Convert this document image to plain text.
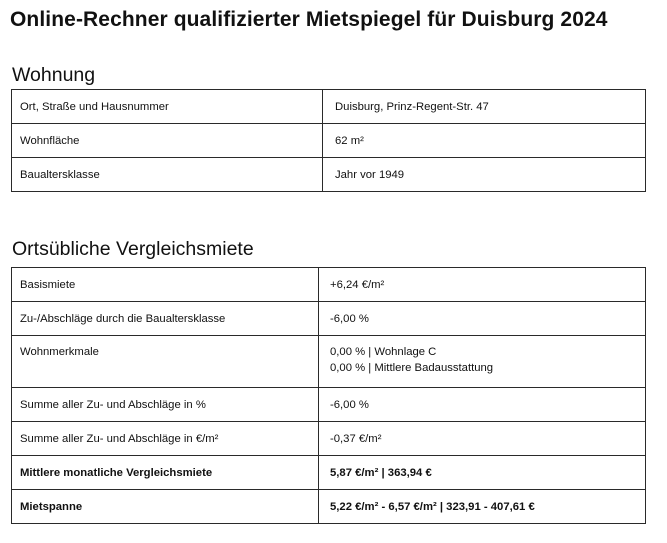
Online-Rechner qualifizierter Mietspiegel für Duisburg 2024
Wohnung
Ort, Straße und Hausnummer	Duisburg, Prinz-Regent-Str. 47
Wohnfläche	62 m²
Baualtersklasse	Jahr vor 1949
Ortsübliche Vergleichsmiete
Basismiete	+6,24 €/m²
Zu-/Abschläge durch die Baualtersklasse	-6,00 %
Wohnmerkmale	0,00 % | Wohnlage C
0,00 % | Mittlere Badausstattung

Summe aller Zu- und Abschläge in %	-6,00 %
Summe aller Zu- und Abschläge in €/m²	-0,37 €/m²
Mittlere monatliche Vergleichsmiete	5,87 €/m² | 363,94 €
Mietspanne	5,22 €/m² - 6,57 €/m² | 323,91 - 407,61 €
